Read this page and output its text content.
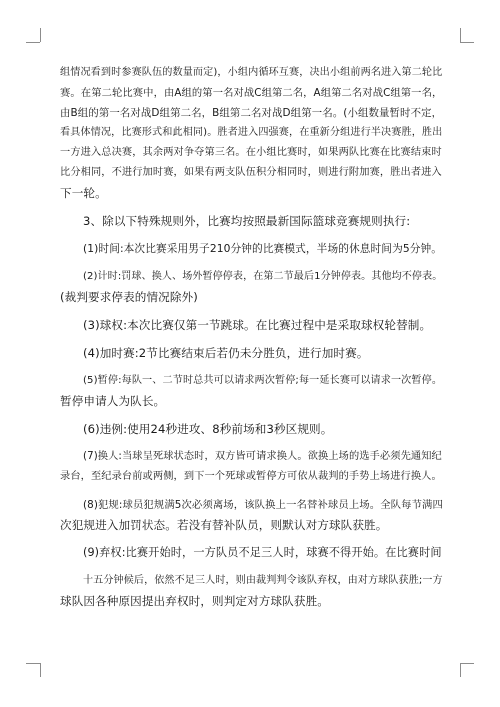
组情况看到时参赛队伍的数量而定)，小组内循环互赛，决出小组前两名进入第二轮比
赛。在第二轮比赛中，由A组的第一名对战C组第二名，A组第二名对战C组第一名，
由B组的第一名对战D组第二名，B组第二名对战D组第一名。(小组数量暂时不定，
看具体情况，比赛形式和此相同)。胜者进入四强赛，在重新分组进行半决赛胜，胜出
一方进入总决赛，其余两对争夺第三名。在小组比赛时，如果两队比赛在比赛结束时
比分相同，不进行加时赛，如果有两支队伍积分相同时，则进行附加赛，胜出者进入
下一轮。
3、除以下特殊规则外，比赛均按照最新国际篮球竞赛规则执行:
(1)时间:本次比赛采用男子210分钟的比赛模式，半场的休息时间为5分钟。
(2)计时:罚球、换人、场外暂停停表，在第二节最后1分钟停表。其他均不停表。
(裁判要求停表的情况除外)
(3)球权:本次比赛仅第一节跳球。在比赛过程中是采取球权轮替制。
(4)加时赛:2节比赛结束后若仍未分胜负，进行加时赛。
(5)暂停:每队一、二节时总共可以请求两次暂停;每一延长赛可以请求一次暂停。
暂停申请人为队长。
(6)违例:使用24秒进攻、8秒前场和3秒区规则。
(7)换人:当球呈死球状态时，双方皆可请求换人。欲换上场的选手必须先通知纪
录台，至纪录台前或两侧，到下一个死球或暂停方可依从裁判的手势上场进行换人。
(8)犯规:球员犯规满5次必须离场，该队换上一名替补球员上场。全队每节满四
次犯规进入加罚状态。若没有替补队员，则默认对方球队获胜。
(9)弃权:比赛开始时，一方队员不足三人时，球赛不得开始。在比赛时间
十五分钟候后，依然不足三人时，则由裁判判令该队弃权，由对方球队获胜;一方
球队因各种原因提出弃权时，则判定对方球队获胜。
